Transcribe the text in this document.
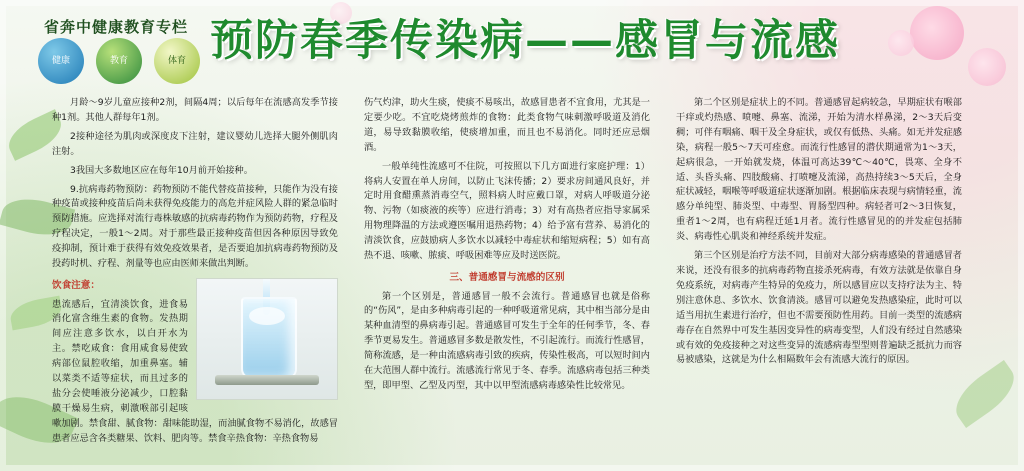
省奔中健康教育专栏
健康	教育	体育 预防春季传染病——感冒与流感

月龄～9岁儿童应接种2剂，间隔4周；以后每年在流感高发季节接种1剂。其他人群每年1剂。

2接种途径为肌肉或深度皮下注射，建议婴幼儿选择大腿外侧肌肉注射。

3我国大多数地区应在每年10月前开始接种。

9.抗病毒药物预防：药物预防不能代替疫苗接种，只能作为没有接种疫苗或接种疫苗后尚未获得免疫能力的高危并症风险人群的紧急临时预防措施。应选择对流行毒株敏感的抗病毒药物作为预防药物，疗程及疗程决定，一般1～2周。对于那些最正接种疫苗但因各种原因导致免疫抑制，预计难于获得有效免疫效果者，是否要追加抗病毒药物预防及投药时机、疗程、剂量等也应由医师来做出判断。

饮食注意：

患流感后，宜清淡饮食，进食易消化富含维生素的食物。发热期间应注意多饮水，以白开水为主。禁吃咸食：食用咸食易使致病部位鼠腔收缩，加重鼻塞。辅以菜类不适等症状，而且过多的盐分会使唾液分泌减少，口腔黏膜干燥易生病，刺激喉部引起咳嗽加剧。禁食甜、腻食物：甜味能助湿，而油腻食物不易消化，故感冒患者应忌含各类糖果、饮料、肥肉等。禁食辛热食物：辛热食物易

伤气灼津，助火生痰，使痰不易咳出，故感冒患者不宜食用，尤其是一定要少吃。不宜吃烧烤煎炸的食物：此类食物气味刺激呼吸道及消化道，易导致黏膜收缩，使痰增加重，而且也不易消化。同时还应忌烟酒。

一般单纯性流感可不住院，可按照以下几方面进行家庭护理：1）将病人安置在单人房间，以防止飞沫传播；2）要求房间通风良好，并定时用食醋熏蒸消毒空气，照料病人时应戴口罩，对病人呼吸道分泌物、污物（如痰液的疾等）应进行消毒；3）对有高热者应指导家属采用物理降温的方法或遵医嘱用退热药物；4）给予富有营养、易消化的清淡饮食，应鼓励病人多饮水以减轻中毒症状和缩短病程；5）如有高热不退、咳嗽、脓痰、呼吸困难等应及时送医院。

三、普通感冒与流感的区别

第一个区别是，普通感冒一般不会流行。普通感冒也就是俗称的“伤风”，是由多种病毒引起的一种呼吸道常见病，其中相当部分是由某种血清型的鼻病毒引起。普通感冒可发生于全年的任何季节，冬、春季节更易发生。普通感冒多数是散发性，不引起流行。而流行性感冒，简称流感，是一种由流感病毒引致的疾病，传染性极高，可以短时间内在大范围人群中流行。流感流行常见于冬、春季。流感病毒包括三种类型，即甲型、乙型及丙型，其中以甲型流感病毒感染性比较常见。

第二个区别是症状上的不同。普通感冒起病较急，早期症状有喉部干痒或灼热感、喷嚏、鼻塞、流涕，开始为清水样鼻涕，2～3天后变稠；可伴有咽痛、咽干及全身症状，或仅有低热、头痛。如无并发症感染，病程一般5～7天可痊愈。而流行性感冒的潜伏期通常为1～3天，起病很急，一开始就发烧，体温可高达39℃～40℃，畏寒、全身不适、头昏头痛、四肢酸痛、打喷嚏及流涕，高热持续3～5天后，全身症状减轻，咽喉等呼吸道症状逐渐加剧。根据临床表现与病情轻重，流感分单纯型、肺炎型、中毒型、胃肠型四种。病轻者可2～3日恢复，重者1～2周，也有病程迁延1月者。流行性感冒见的的并发症包括肺炎、病毒性心肌炎和神经系统并发症。

第三个区别是治疗方法不同，目前对大部分病毒感染的普通感冒者来说，还没有很多的抗病毒药物直接杀死病毒，有效方法就是依靠自身免疫系统，对病毒产生特异的免疫力，所以感冒应以支持疗法为主、特别注意休息、多饮水、饮食清淡。感冒可以避免发热感染症，此时可以适当用抗生素进行治疗，但也不需要预防性用药。目前一类型的流感病毒存在自然界中可发生基因变异性的病毒变型，人们没有经过自然感染或有效的免疫接种之对这些变异的流感病毒型型则普遍缺乏抵抗力而容易被感染，这就是为什么相隔数年会有流感大流行的原因。
